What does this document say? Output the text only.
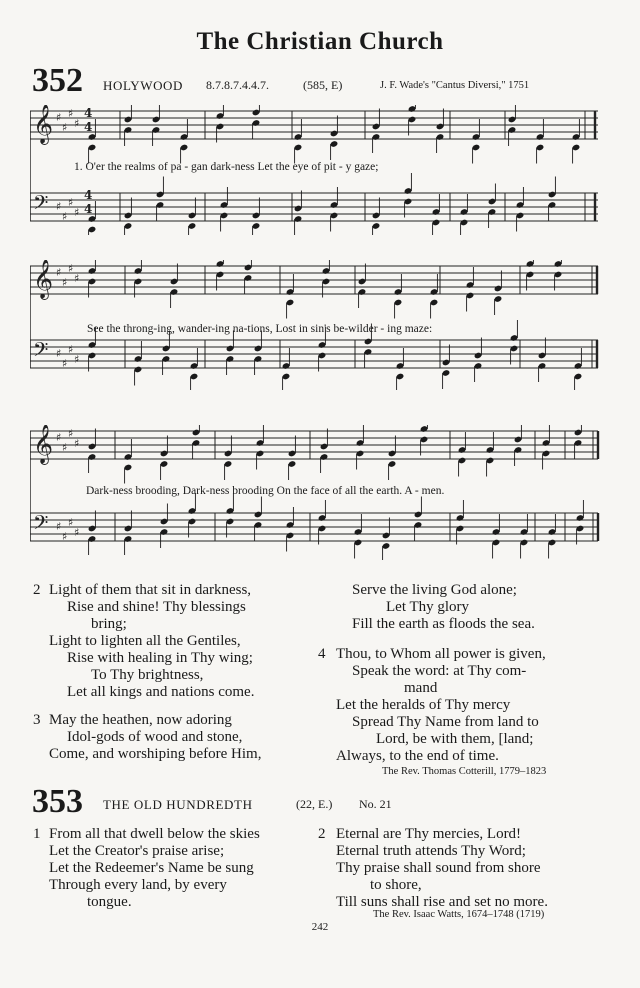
The Christian Church
352 HOLYWOOD 8.7.8.7.4.4.7.	(585, E)	J. F. Wade's "Cantus Diversi," 1751
𝄞 ♯
♯
♯
♯
𝄢 ♯
♯
♯
♯
4
4
4
4
1. O'er the realms of pa - gan dark-ness Let the eye of pit - y gaze;
𝄞 ♯
♯
♯
♯
𝄢 ♯
♯
♯
♯
See the throng-ing, wander-ing na-tions, Lost in sin's be-wilder - ing maze:
𝄞 ♯
♯
♯
♯
𝄢 ♯
♯
♯
♯
Dark-ness brooding, Dark-ness brooding On the face of all the earth. A - men.
2 Light of them that sit in darkness,
Rise and shine! Thy blessings
bring;
Light to lighten all the Gentiles,
Rise with healing in Thy wing;
To Thy brightness,
Let all kings and nations come.
3 May the heathen, now adoring
Idol-gods of wood and stone,
Come, and worshiping before Him,
Serve the living God alone;
Let Thy glory
Fill the earth as floods the sea.
4 Thou, to Whom all power is given,
Speak the word: at Thy com-
mand
Let the heralds of Thy mercy
Spread Thy Name from land to
Lord, be with them, [land;
Always, to the end of time.
The Rev. Thomas Cotterill, 1779–1823
353 THE OLD HUNDREDTH	(22, E.) No. 21
1 From all that dwell below the skies
Let the Creator's praise arise;
Let the Redeemer's Name be sung
Through every land, by every
tongue.
2 Eternal are Thy mercies, Lord!
Eternal truth attends Thy Word;
Thy praise shall sound from shore
to shore,
Till suns shall rise and set no more.
The Rev. Isaac Watts, 1674–1748 (1719)
242
